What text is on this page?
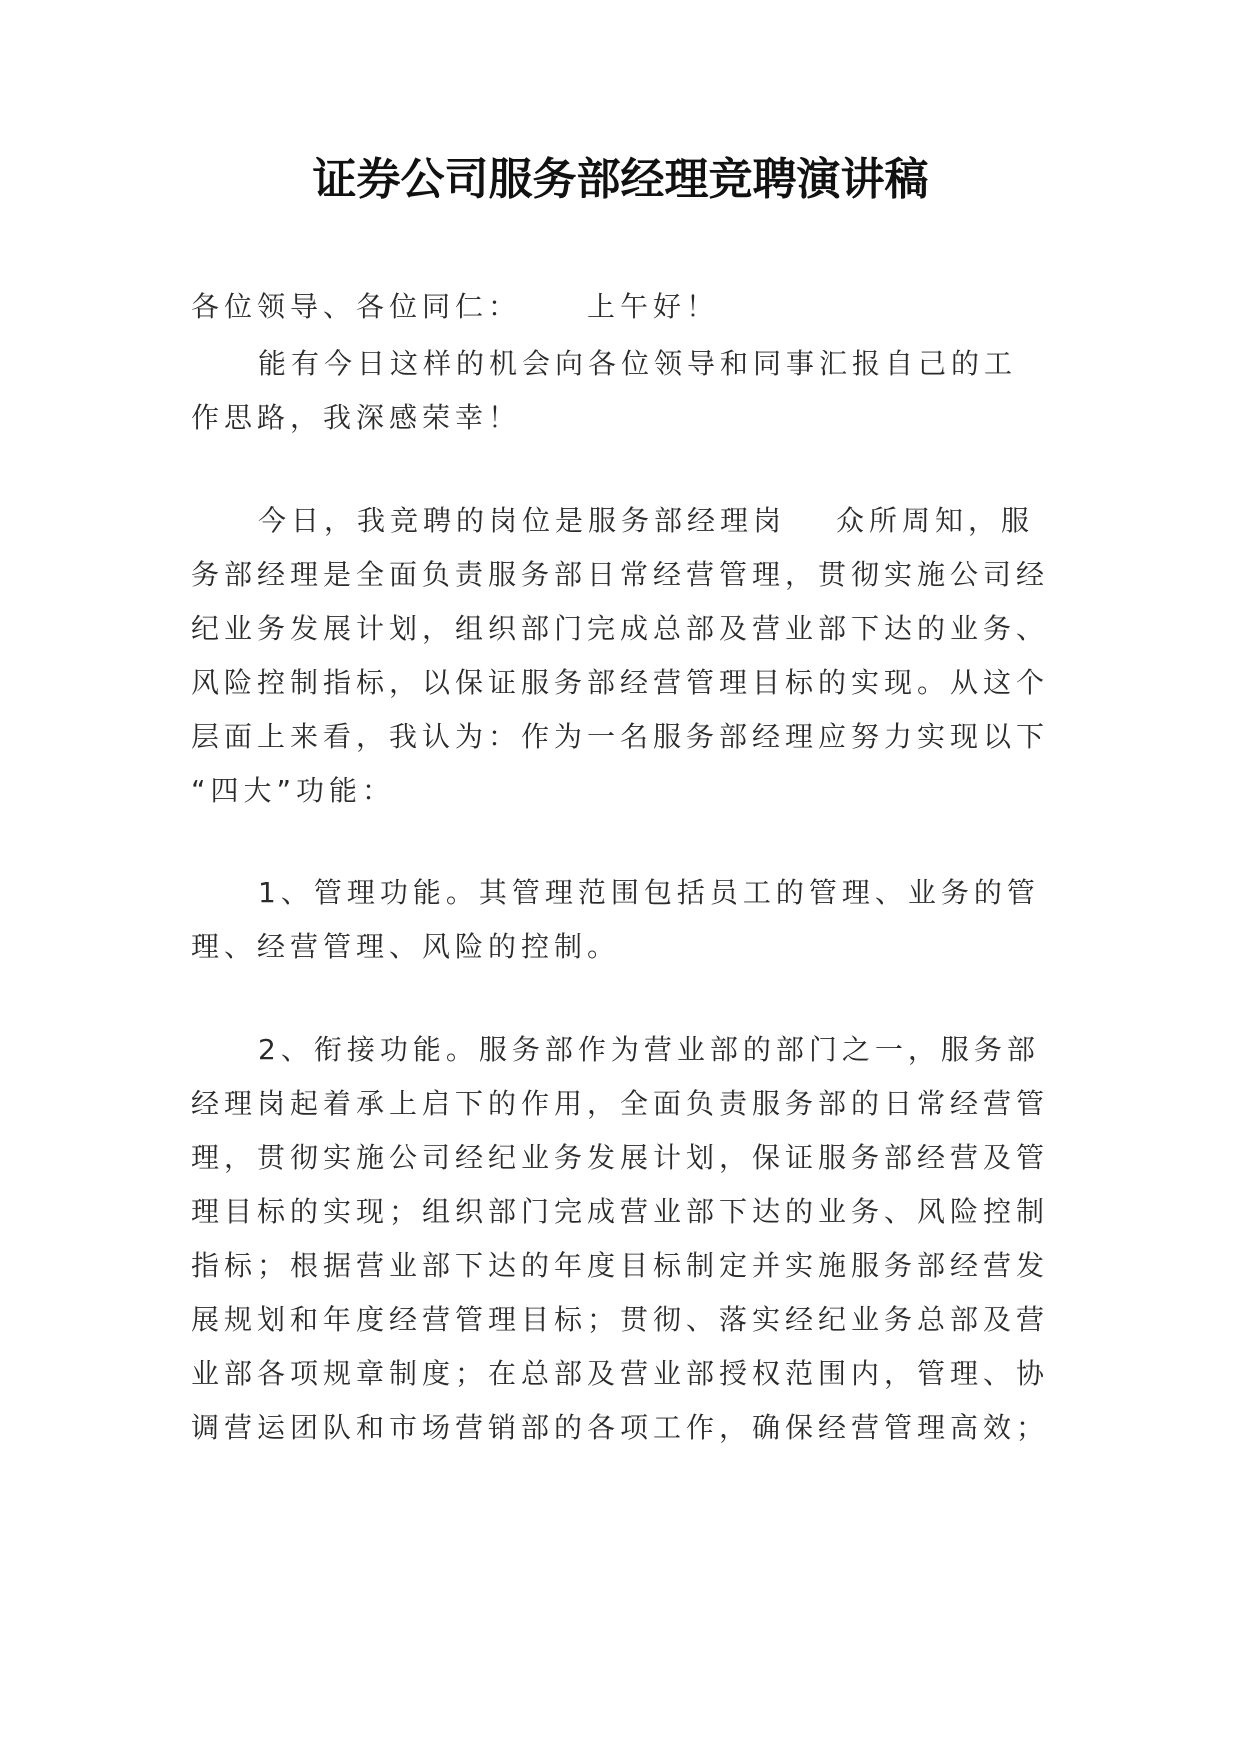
证券公司服务部经理竞聘演讲稿

各位领导、各位同仁： 上午好！

能有今日这样的机会向各位领导和同事汇报自己的工

作思路，我深感荣幸！

今日，我竞聘的岗位是服务部经理岗 众所周知，服

务部经理是全面负责服务部日常经营管理，贯彻实施公司经

纪业务发展计划，组织部门完成总部及营业部下达的业务、

风险控制指标，以保证服务部经营管理目标的实现。从这个

层面上来看，我认为：作为一名服务部经理应努力实现以下

“四大”功能：

1、管理功能。其管理范围包括员工的管理、业务的管

理、经营管理、风险的控制。

2、衔接功能。服务部作为营业部的部门之一，服务部

经理岗起着承上启下的作用，全面负责服务部的日常经营管

理，贯彻实施公司经纪业务发展计划，保证服务部经营及管

理目标的实现；组织部门完成营业部下达的业务、风险控制

指标；根据营业部下达的年度目标制定并实施服务部经营发

展规划和年度经营管理目标；贯彻、落实经纪业务总部及营

业部各项规章制度；在总部及营业部授权范围内，管理、协

调营运团队和市场营销部的各项工作，确保经营管理高效；
